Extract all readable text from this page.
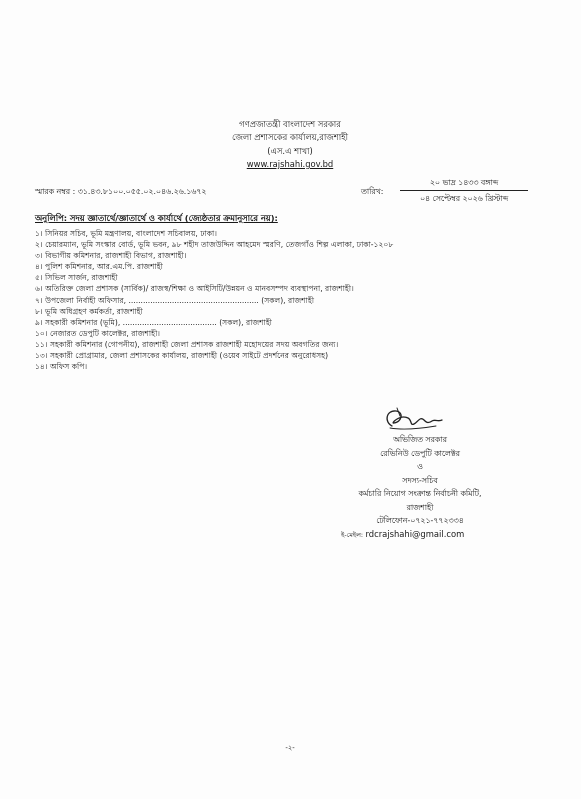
গণপ্রজাতন্ত্রী বাংলাদেশ সরকার
জেলা প্রশাসকের কার্যালয়,রাজশাহী
(এস.এ শাখা)
www.rajshahi.gov.bd
স্মারক নম্বর : ৩১.৪৩.৮১০০.০৫৫.০২.০৪৬.২৬.১৬৭২	তারিখ:
২০ ভাদ্র ১৪৩৩ বঙ্গাব্দ
০৪ সেপ্টেম্বর ২০২৬ খ্রিস্টাব্দ
অনুলিপি: সদয় জ্ঞাতার্থে/জ্ঞাতার্থে ও কার্যার্থে (জ্যেষ্ঠতার ক্রমানুসারে নয়):
১। সিনিয়র সচিব, ভূমি মন্ত্রণালয়, বাংলাদেশ সচিবালয়, ঢাকা।
২। চেয়ারম্যান, ভূমি সংস্কার বোর্ড, ভূমি ভবন, ৯৮ শহীদ তাজউদ্দিন আহমেদ স্মরণি, তেজগাঁও শিল্প এলাকা, ঢাকা-১২০৮
৩। বিভাগীয় কমিশনার, রাজশাহী বিভাগ, রাজশাহী।
৪। পুলিশ কমিশনার, আর.এম.পি. রাজশাহী
৫। সিভিল সার্জন, রাজশাহী
৬। অতিরিক্ত জেলা প্রশাসক (সার্বিক)/ রাজস্ব/শিক্ষা ও আইসিটি/উন্নয়ন ও মানবসম্পদ ব্যবস্থাপনা, রাজশাহী।
৭। উপজেলা নির্বাহী অফিসার, ...................................................... (সকল), রাজশাহী
৮। ভূমি অধিগ্রহণ কর্মকর্তা, রাজশাহী
৯। সহকারী কমিশনার (ভূমি), ....................................... (সকল), রাজশাহী
১০। নেজারত ডেপুটি কালেক্টর, রাজশাহী।
১১। সহকারী কমিশনার (গোপনীয়), রাজশাহী জেলা প্রশাসক রাজশাহী মহোদয়ের সদয় অবগতির জন্য।
১৩। সহকারী প্রোগ্রামার, জেলা প্রশাসকের কার্যালয়, রাজশাহী (ওয়েব সাইটে প্রদর্শনের অনুরোধসহ)
১৪। অফিস কপি।
অভিজিত সরকার
রেভিনিউ ডেপুটি কালেক্টর
ও
সদস্য-সচিব
কর্মচারি নিয়োগ সংক্রান্ত নির্বাচনী কমিটি,
রাজশাহী
টেলিফোন-০৭২১-৭৭২৩৩৪
ই-মেইল: rdcrajshahi@gmail.com
-২-
